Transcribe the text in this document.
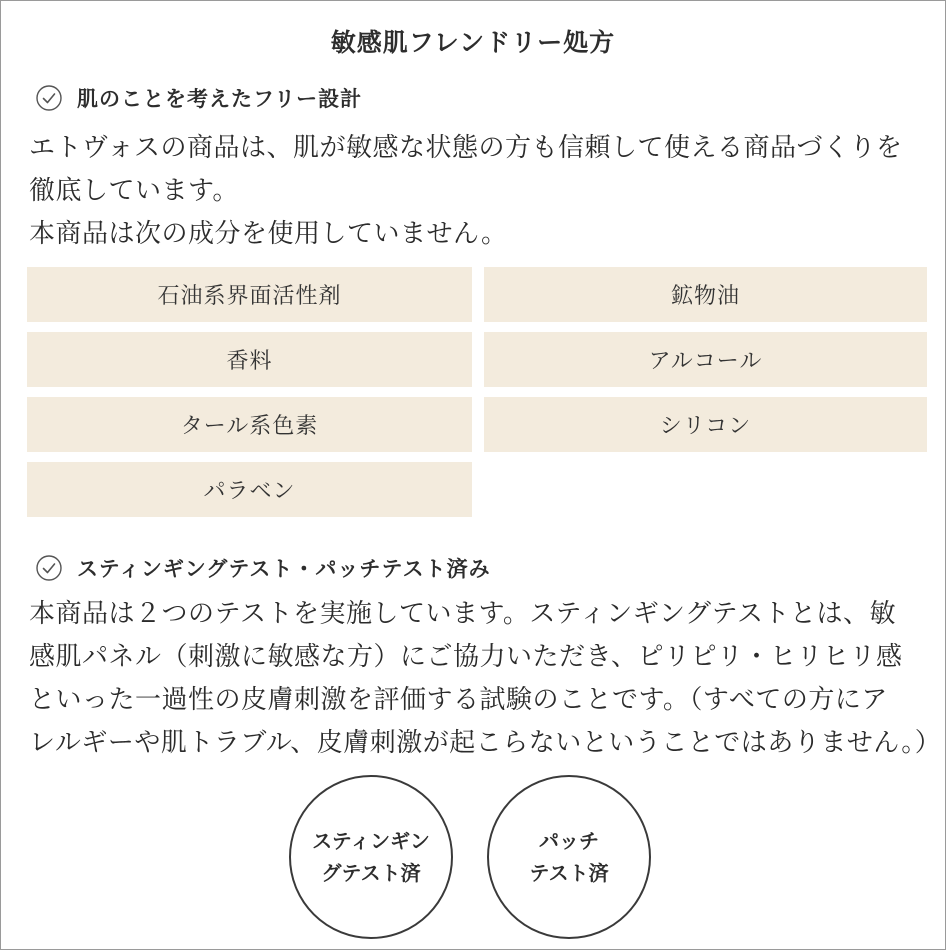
敏感肌フレンドリー処方
肌のことを考えたフリー設計

エトヴォスの商品は、肌が敏感な状態の方も信頼して使える商品づくりを

徹底しています。

本商品は次の成分を使用していません。

石油系界面活性剤	鉱物油
香料	アルコール
タール系色素	シリコン
パラベン
スティンギングテスト・パッチテスト済み

本商品は２つのテストを実施しています。スティンギングテストとは、敏

感肌パネル（刺激に敏感な方）にご協力いただき、ピリピリ・ヒリヒリ感

といった一過性の皮膚刺激を評価する試験のことです。（すべての方にア

レルギーや肌トラブル、皮膚刺激が起こらないということではありません。）

スティンギン
グテスト済
パッチ
テスト済
